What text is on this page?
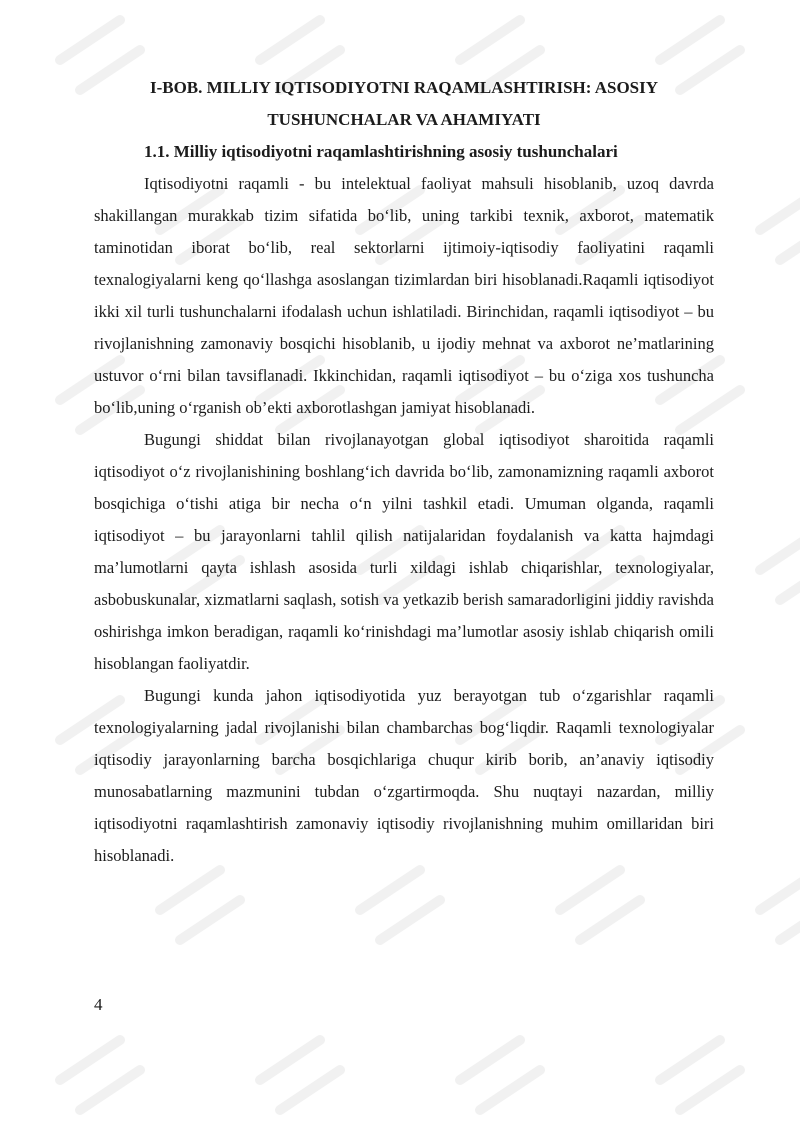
I-BOB. MILLIY IQTISODIYOTNI RAQAMLASHTIRISH: ASOSIY TUSHUNCHALAR VA AHAMIYATI
1.1. Milliy iqtisodiyotni raqamlashtirishning asosiy tushunchalari

Iqtisodiyotni raqamli - bu intelektual faoliyat mahsuli hisoblanib, uzoq davrda shakillangan murakkab tizim sifatida bo‘lib, uning tarkibi texnik, axborot, matematik taminotidan iborat bo‘lib, real sektorlarni ijtimoiy-iqtisodiy faoliyatini raqamli texnalogiyalarni keng qo‘llashga asoslangan tizimlardan biri hisoblanadi.Raqamli iqtisodiyot ikki xil turli tushunchalarni ifodalash uchun ishlatiladi. Birinchidan, raqamli iqtisodiyot – bu rivojlanishning zamonaviy bosqichi hisoblanib, u ijodiy mehnat va axborot ne’matlarining ustuvor o‘rni bilan tavsiflanadi. Ikkinchidan, raqamli iqtisodiyot – bu o‘ziga xos tushuncha bo‘lib,uning o‘rganish ob’ekti axborotlashgan jamiyat hisoblanadi.

Bugungi shiddat bilan rivojlanayotgan global iqtisodiyot sharoitida raqamli iqtisodiyot o‘z rivojlanishining boshlang‘ich davrida bo‘lib, zamonamizning raqamli axborot bosqichiga o‘tishi atiga bir necha o‘n yilni tashkil etadi. Umuman olganda, raqamli iqtisodiyot – bu jarayonlarni tahlil qilish natijalaridan foydalanish va katta hajmdagi ma’lumotlarni qayta ishlash asosida turli xildagi ishlab chiqarishlar, texnologiyalar, asbobuskunalar, xizmatlarni saqlash, sotish va yetkazib berish samaradorligini jiddiy ravishda oshirishga imkon beradigan, raqamli ko‘rinishdagi ma’lumotlar asosiy ishlab chiqarish omili hisoblangan faoliyatdir.

Bugungi kunda jahon iqtisodiyotida yuz berayotgan tub o‘zgarishlar raqamli texnologiyalarning jadal rivojlanishi bilan chambarchas bog‘liqdir. Raqamli texnologiyalar iqtisodiy jarayonlarning barcha bosqichlariga chuqur kirib borib, an’anaviy iqtisodiy munosabatlarning mazmunini tubdan o‘zgartirmoqda. Shu nuqtayi nazardan, milliy iqtisodiyotni raqamlashtirish zamonaviy iqtisodiy rivojlanishning muhim omillaridan biri hisoblanadi.

4
